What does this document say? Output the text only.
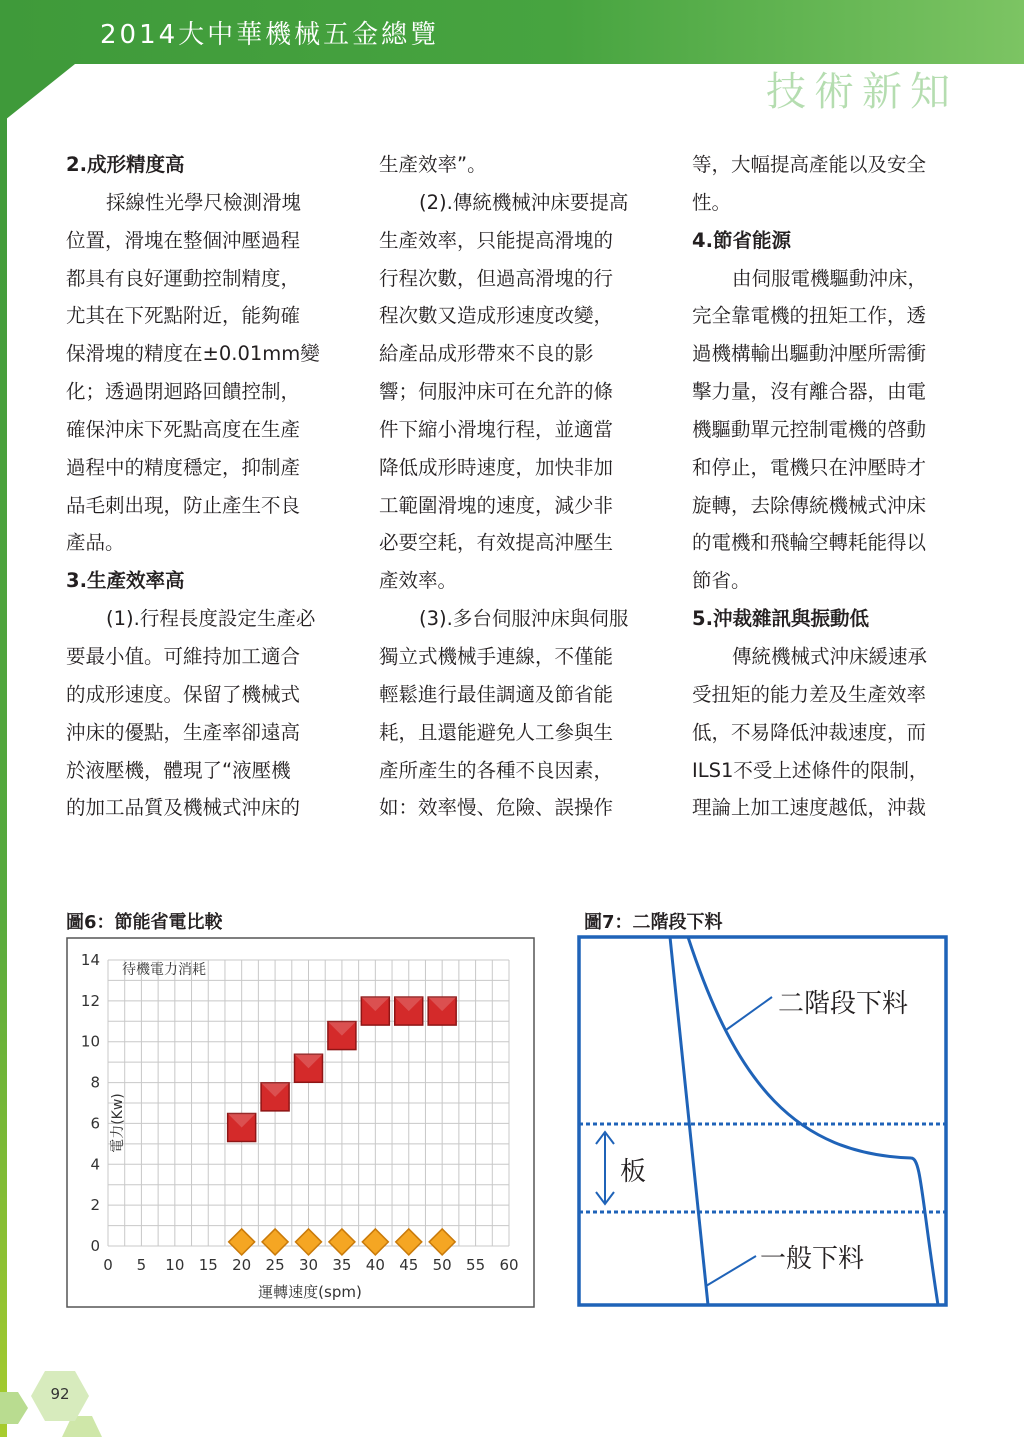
2014大中華機械五金總覽
技術新知

2.成形精度高

採線性光學尺檢測滑塊

位置，滑塊在整個沖壓過程

都具有良好運動控制精度，

尤其在下死點附近，能夠確

保滑塊的精度在±0.01mm變

化；透過閉迴路回饋控制，

確保沖床下死點高度在生產

過程中的精度穩定，抑制產

品毛刺出現，防止產生不良

產品。

3.生產效率高

(1).行程長度設定生產必

要最小值。可維持加工適合

的成形速度。保留了機械式

沖床的優點，生產率卻遠高

於液壓機，體現了“液壓機

的加工品質及機械式沖床的

生產效率”。

(2).傳統機械沖床要提高

生產效率，只能提高滑塊的

行程次數，但過高滑塊的行

程次數又造成形速度改變，

給產品成形帶來不良的影

響；伺服沖床可在允許的條

件下縮小滑塊行程，並適當

降低成形時速度，加快非加

工範圍滑塊的速度，減少非

必要空耗，有效提高沖壓生

產效率。

(3).多台伺服沖床與伺服

獨立式機械手連線，不僅能

輕鬆進行最佳調適及節省能

耗，且還能避免人工參與生

產所產生的各種不良因素，

如：效率慢、危險、誤操作

等，大幅提高產能以及安全

性。

4.節省能源

由伺服電機驅動沖床，

完全靠電機的扭矩工作，透

過機構輸出驅動沖壓所需衝

擊力量，沒有離合器，由電

機驅動單元控制電機的啓動

和停止，電機只在沖壓時才

旋轉，去除傳統機械式沖床

的電機和飛輪空轉耗能得以

節省。

5.沖裁雜訊與振動低

傳統機械式沖床緩速承

受扭矩的能力差及生產效率

低，不易降低沖裁速度，而

ILS1不受上述條件的限制，

理論上加工速度越低，沖裁

圖6：節能省電比較
0 5 10 15 20 25 30 35 40 45 50 55 60
0
2
4
6
8
10
12
14
待機電力消耗
電力(Kw)
運轉速度(spm)
圖7：二階段下料
二階段下料
板
一般下料
92
